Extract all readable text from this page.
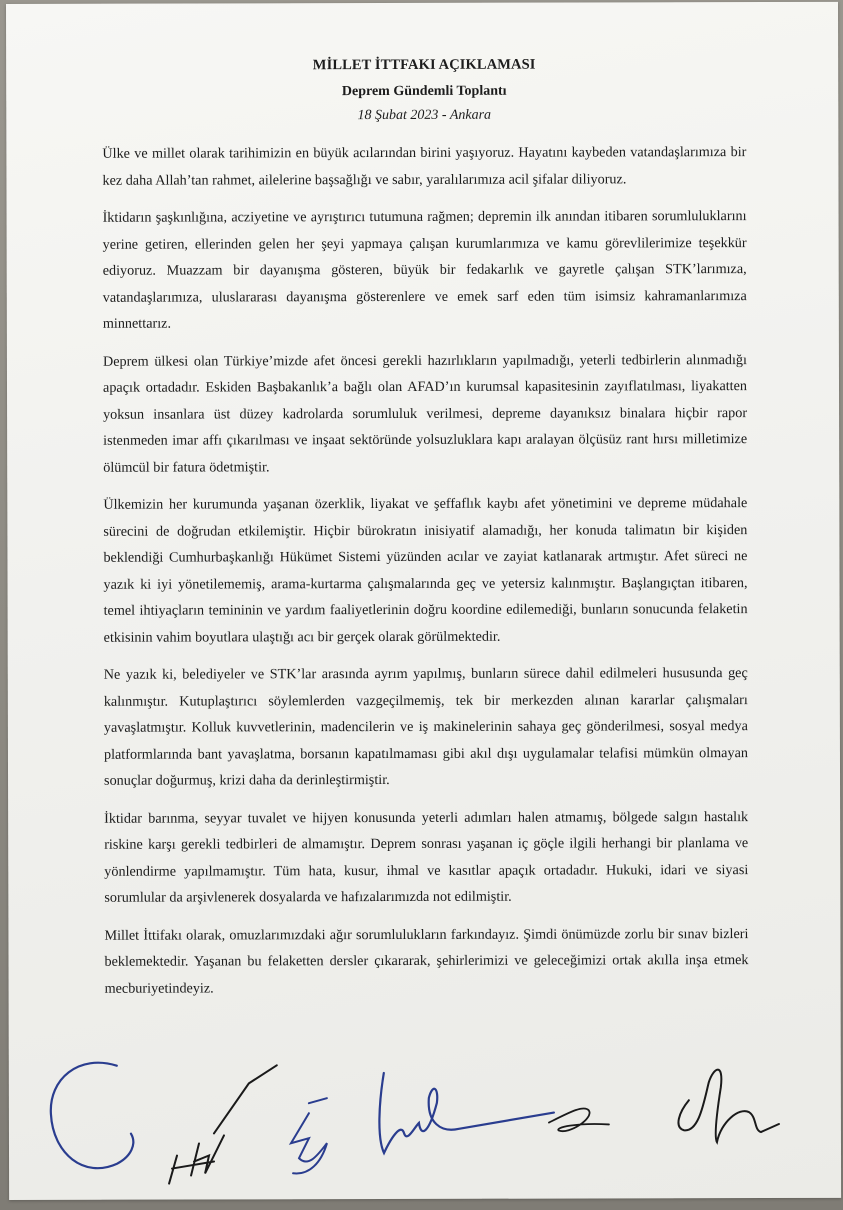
MİLLET İTTFAKI AÇIKLAMASI
Deprem Gündemli Toplantı
18 Şubat 2023 - Ankara

Ülke ve millet olarak tarihimizin en büyük acılarından birini yaşıyoruz. Hayatını kaybeden vatandaşlarımıza bir kez daha Allah’tan rahmet, ailelerine başsağlığı ve sabır, yaralılarımıza acil şifalar diliyoruz.

İktidarın şaşkınlığına, acziyetine ve ayrıştırıcı tutumuna rağmen; depremin ilk anından itibaren sorumluluklarını yerine getiren, ellerinden gelen her şeyi yapmaya çalışan kurumlarımıza ve kamu görevlilerimize teşekkür ediyoruz. Muazzam bir dayanışma gösteren, büyük bir fedakarlık ve gayretle çalışan STK’larımıza, vatandaşlarımıza, uluslararası dayanışma gösterenlere ve emek sarf eden tüm isimsiz kahramanlarımıza minnettarız.

Deprem ülkesi olan Türkiye’mizde afet öncesi gerekli hazırlıkların yapılmadığı, yeterli tedbirlerin alınmadığı apaçık ortadadır. Eskiden Başbakanlık’a bağlı olan AFAD’ın kurumsal kapasitesinin zayıflatılması, liyakatten yoksun insanlara üst düzey kadrolarda sorumluluk verilmesi, depreme dayanıksız binalara hiçbir rapor istenmeden imar affı çıkarılması ve inşaat sektöründe yolsuzluklara kapı aralayan ölçüsüz rant hırsı milletimize ölümcül bir fatura ödetmiştir.

Ülkemizin her kurumunda yaşanan özerklik, liyakat ve şeffaflık kaybı afet yönetimini ve depreme müdahale sürecini de doğrudan etkilemiştir. Hiçbir bürokratın inisiyatif alamadığı, her konuda talimatın bir kişiden beklendiği Cumhurbaşkanlığı Hükümet Sistemi yüzünden acılar ve zayiat katlanarak artmıştır. Afet süreci ne yazık ki iyi yönetilememiş, arama-kurtarma çalışmalarında geç ve yetersiz kalınmıştır. Başlangıçtan itibaren, temel ihtiyaçların temininin ve yardım faaliyetlerinin doğru koordine edilemediği, bunların sonucunda felaketin etkisinin vahim boyutlara ulaştığı acı bir gerçek olarak görülmektedir.

Ne yazık ki, belediyeler ve STK’lar arasında ayrım yapılmış, bunların sürece dahil edilmeleri hususunda geç kalınmıştır. Kutuplaştırıcı söylemlerden vazgeçilmemiş, tek bir merkezden alınan kararlar çalışmaları yavaşlatmıştır. Kolluk kuvvetlerinin, madencilerin ve iş makinelerinin sahaya geç gönderilmesi, sosyal medya platformlarında bant yavaşlatma, borsanın kapatılmaması gibi akıl dışı uygulamalar telafisi mümkün olmayan sonuçlar doğurmuş, krizi daha da derinleştirmiştir.

İktidar barınma, seyyar tuvalet ve hijyen konusunda yeterli adımları halen atmamış, bölgede salgın hastalık riskine karşı gerekli tedbirleri de almamıştır. Deprem sonrası yaşanan iç göçle ilgili herhangi bir planlama ve yönlendirme yapılmamıştır. Tüm hata, kusur, ihmal ve kasıtlar apaçık ortadadır. Hukuki, idari ve siyasi sorumlular da arşivlenerek dosyalarda ve hafızalarımızda not edilmiştir.

Millet İttifakı olarak, omuzlarımızdaki ağır sorumlulukların farkındayız. Şimdi önümüzde zorlu bir sınav bizleri beklemektedir. Yaşanan bu felaketten dersler çıkararak, şehirlerimizi ve geleceğimizi ortak akılla inşa etmek mecburiyetindeyiz.
